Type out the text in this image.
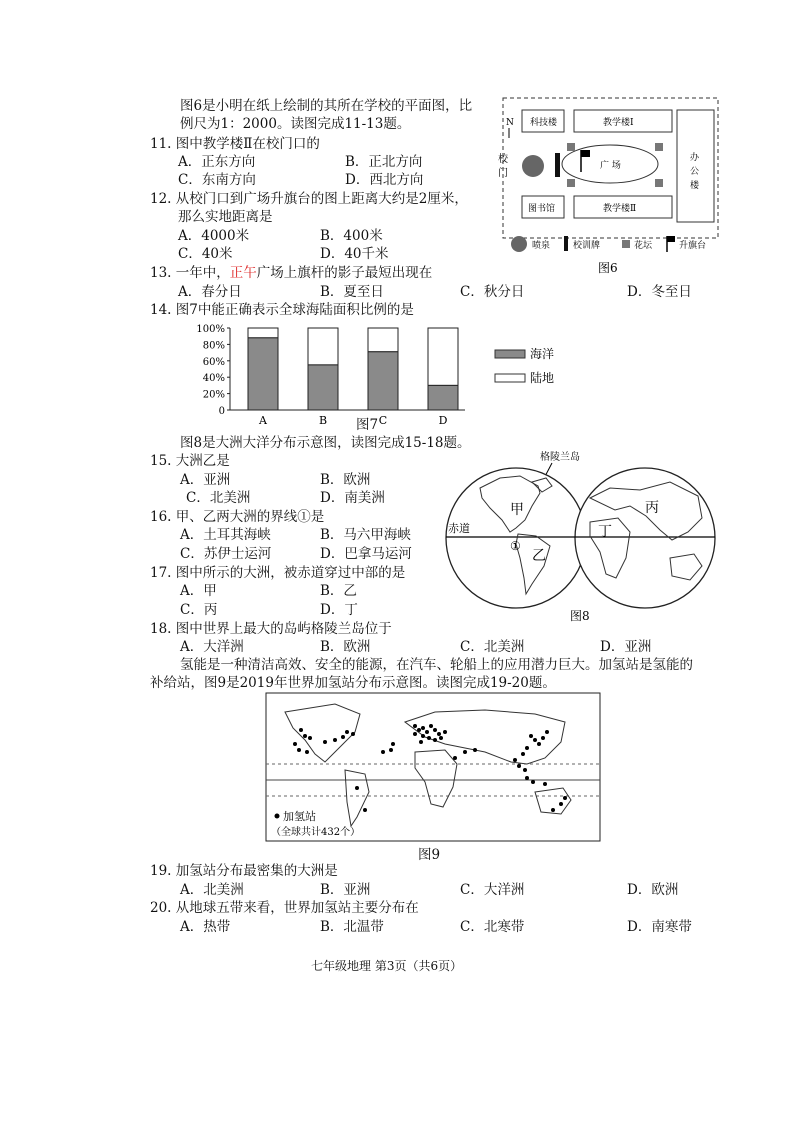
图6是小明在纸上绘制的其所在学校的平面图，比
例尺为1：2000。读图完成11-13题。
11. 图中教学楼Ⅱ在校门口的
A．正东方向	B．正北方向
C．东南方向	D．西北方向
12. 从校门口到广场升旗台的图上距离大约是2厘米，
那么实地距离是
A．4000米	B．400米
C．40米	D．40千米
13. 一年中，正午广场上旗杆的影子最短出现在
A．春分日	B．夏至日	C．秋分日	D．冬至日
14. 图7中能正确表示全球海陆面积比例的是
N
校
门
科技楼	教学楼Ⅰ
办
公
楼
图书馆	教学楼Ⅱ
广 场
喷泉	校训牌	花坛	升旗台
图6
0
20%
40%
60%
80%
100%
A	B	C	D
海洋
陆地
图7
图8是大洲大洋分布示意图，读图完成15-18题。
15. 大洲乙是
A．亚洲	B．欧洲
C．北美洲	D．南美洲
16. 甲、乙两大洲的界线①是
A．土耳其海峡	B．马六甲海峡
C．苏伊士运河	D．巴拿马运河
17. 图中所示的大洲，被赤道穿过中部的是
A．甲	B．乙
C．丙	D．丁
格陵兰岛
赤道
甲
乙
①
丙
丁
图8
18. 图中世界上最大的岛屿格陵兰岛位于
A．大洋洲	B．欧洲	C．北美洲	D．亚洲
氢能是一种清洁高效、安全的能源，在汽车、轮船上的应用潜力巨大。加氢站是氢能的
补给站，图9是2019年世界加氢站分布示意图。读图完成19-20题。
加氢站
（全球共计432个）
图9
19. 加氢站分布最密集的大洲是
A．北美洲	B．亚洲	C．大洋洲	D．欧洲
20. 从地球五带来看，世界加氢站主要分布在
A．热带	B．北温带	C．北寒带	D．南寒带
七年级地理 第3页（共6页）
